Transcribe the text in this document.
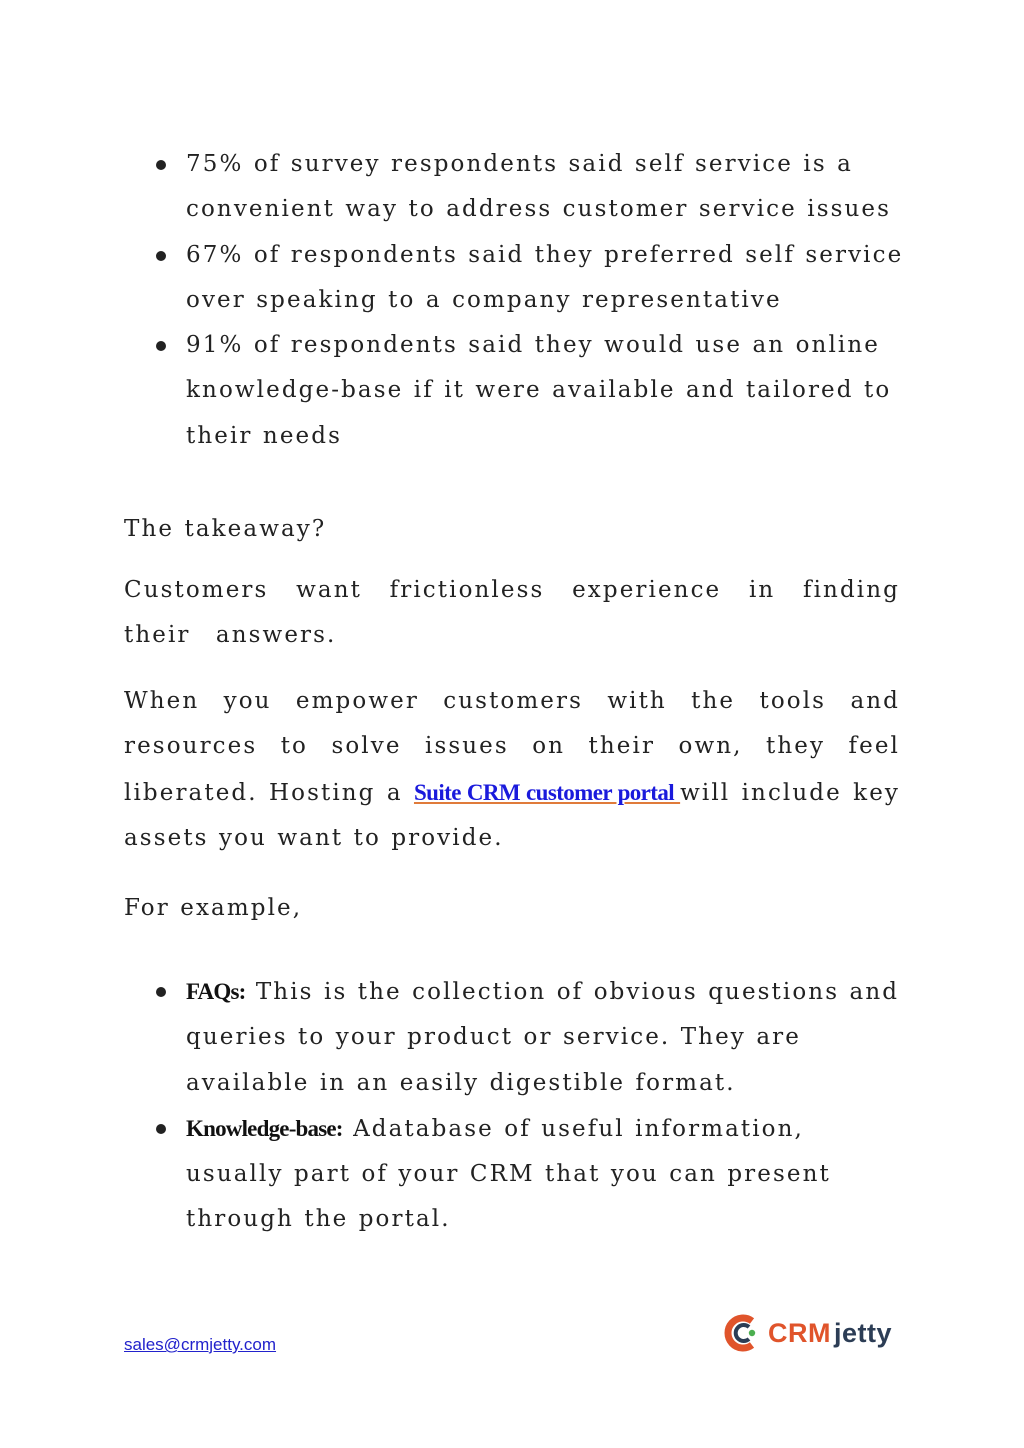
75% of survey respondents said self service is a convenient way to address customer service issues
67% of respondents said they preferred self service over speaking to a company representative
91% of respondents said they would use an online knowledge-base if it were available and tailored to their needs

The takeaway?

Customers want frictionless experience in finding their answers.

When you empower customers with the tools and resources to solve issues on their own, they feel liberated. Hosting a Suite CRM customer portal will include key assets you want to provide.

For example,

FAQs: This is the collection of obvious questions and queries to your product or service. They are available in an easily digestible format.
Knowledge-base: Adatabase of useful information, usually part of your CRM that you can present through the portal.
sales@crmjetty.com	CRM jetty
